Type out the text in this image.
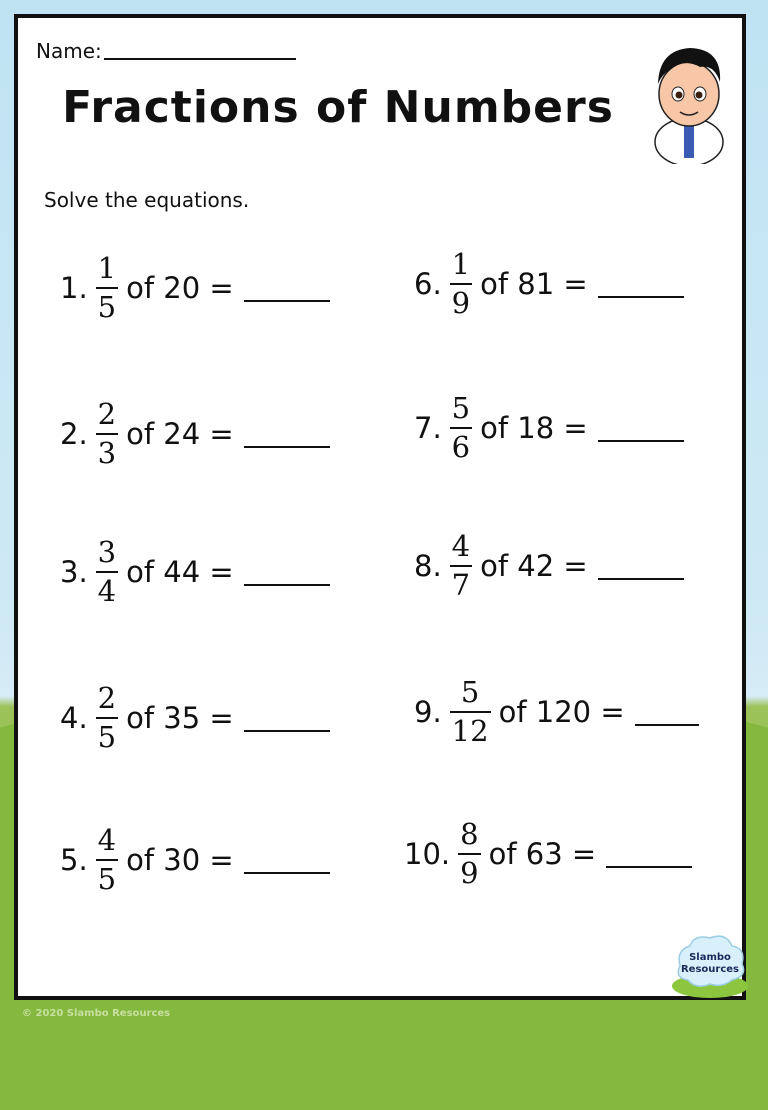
Name:
Fractions of Numbers
Solve the equations.
1. $\frac{1}{5}$ of 20 =
2. $\frac{2}{3}$ of 24 =
3. $\frac{3}{4}$ of 44 =
4. $\frac{2}{5}$ of 35 =
5. $\frac{4}{5}$ of 30 =
6. $\frac{1}{9}$ of 81 =
7. $\frac{5}{6}$ of 18 =
8. $\frac{4}{7}$ of 42 =
9. $\frac{5}{12}$ of 120 =
10. $\frac{8}{9}$ of 63 =
Slambo
Resources
© 2020 Slambo Resources
